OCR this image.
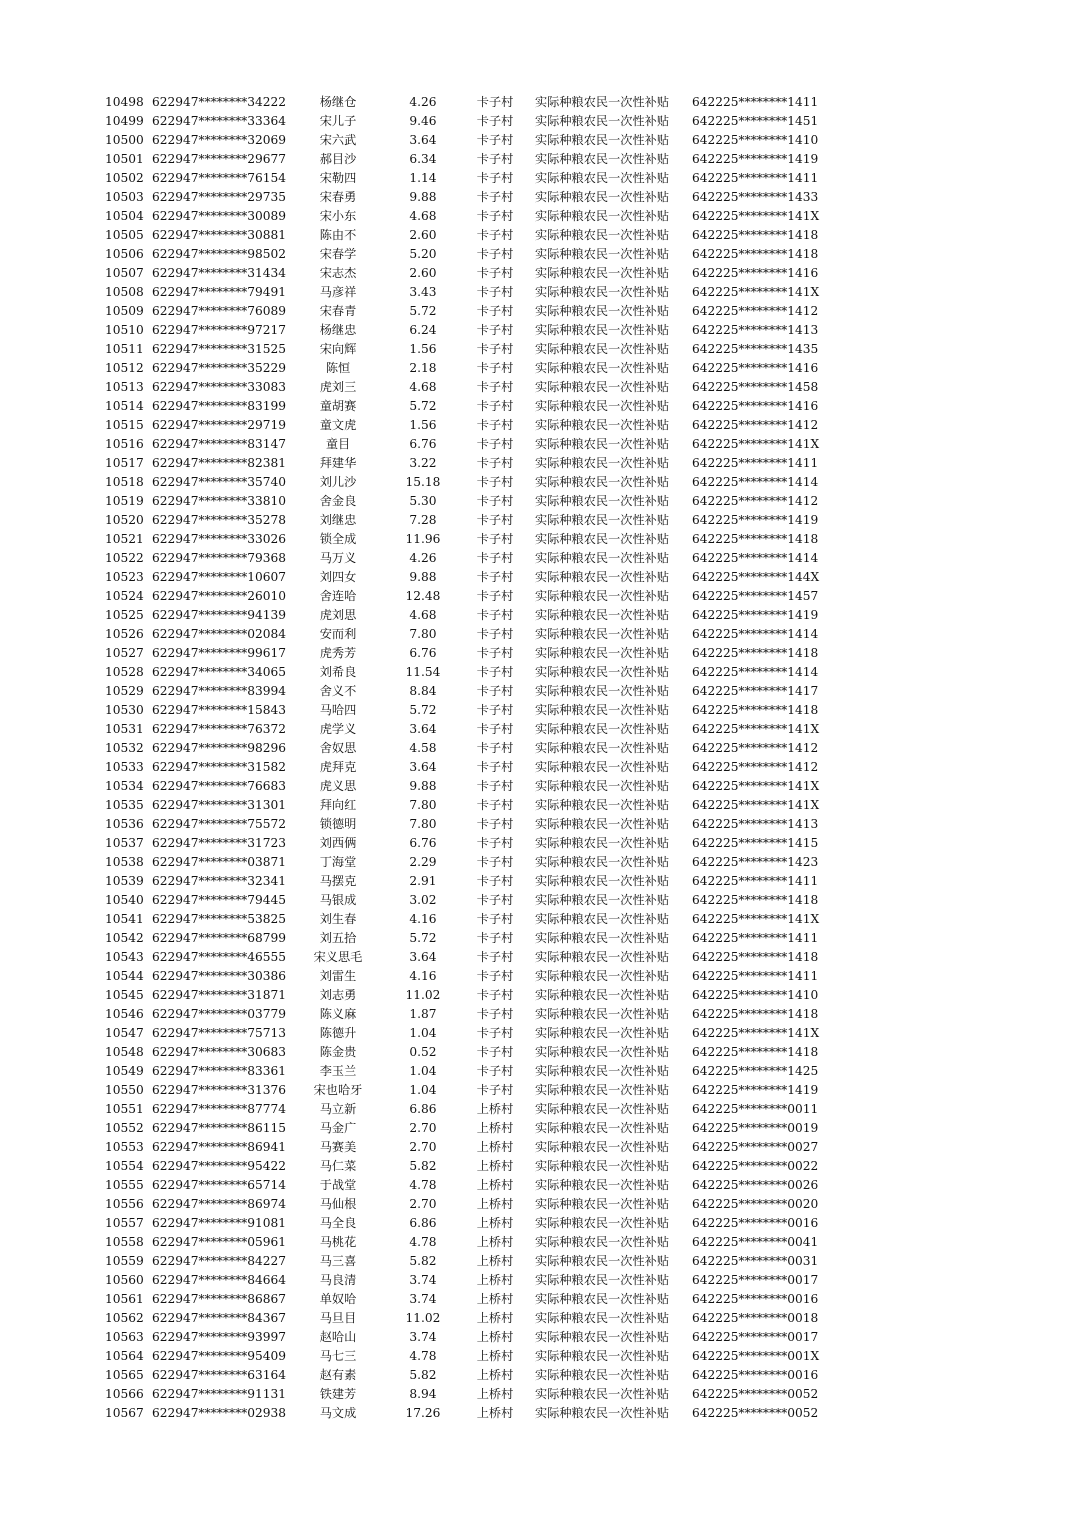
10498 622947********34222	杨继仓	4.26	卡子村	实际种粮农民一次性补贴 642225********1411
10499 622947********33364	宋儿子	9.46	卡子村	实际种粮农民一次性补贴 642225********1451
10500 622947********32069	宋六武	3.64	卡子村	实际种粮农民一次性补贴 642225********1410
10501 622947********29677	郝目沙	6.34	卡子村	实际种粮农民一次性补贴 642225********1419
10502 622947********76154	宋勒四	1.14	卡子村	实际种粮农民一次性补贴 642225********1411
10503 622947********29735	宋春勇	9.88	卡子村	实际种粮农民一次性补贴 642225********1433
10504 622947********30089	宋小东	4.68	卡子村	实际种粮农民一次性补贴 642225********141X
10505 622947********30881	陈由不	2.60	卡子村	实际种粮农民一次性补贴 642225********1418
10506 622947********98502	宋春学	5.20	卡子村	实际种粮农民一次性补贴 642225********1418
10507 622947********31434	宋志杰	2.60	卡子村	实际种粮农民一次性补贴 642225********1416
10508 622947********79491	马彦祥	3.43	卡子村	实际种粮农民一次性补贴 642225********141X
10509 622947********76089	宋春青	5.72	卡子村	实际种粮农民一次性补贴 642225********1412
10510 622947********97217	杨继忠	6.24	卡子村	实际种粮农民一次性补贴 642225********1413
10511 622947********31525	宋向辉	1.56	卡子村	实际种粮农民一次性补贴 642225********1435
10512 622947********35229	陈恒	2.18	卡子村	实际种粮农民一次性补贴 642225********1416
10513 622947********33083	虎刘三	4.68	卡子村	实际种粮农民一次性补贴 642225********1458
10514 622947********83199	童胡赛	5.72	卡子村	实际种粮农民一次性补贴 642225********1416
10515 622947********29719	童文虎	1.56	卡子村	实际种粮农民一次性补贴 642225********1412
10516 622947********83147	童目	6.76	卡子村	实际种粮农民一次性补贴 642225********141X
10517 622947********82381	拜建华	3.22	卡子村	实际种粮农民一次性补贴 642225********1411
10518 622947********35740	刘儿沙	15.18	卡子村	实际种粮农民一次性补贴 642225********1414
10519 622947********33810	舍金良	5.30	卡子村	实际种粮农民一次性补贴 642225********1412
10520 622947********35278	刘继忠	7.28	卡子村	实际种粮农民一次性补贴 642225********1419
10521 622947********33026	锁全成	11.96	卡子村	实际种粮农民一次性补贴 642225********1418
10522 622947********79368	马万义	4.26	卡子村	实际种粮农民一次性补贴 642225********1414
10523 622947********10607	刘四女	9.88	卡子村	实际种粮农民一次性补贴 642225********144X
10524 622947********26010	舍连哈	12.48	卡子村	实际种粮农民一次性补贴 642225********1457
10525 622947********94139	虎刘思	4.68	卡子村	实际种粮农民一次性补贴 642225********1419
10526 622947********02084	安而利	7.80	卡子村	实际种粮农民一次性补贴 642225********1414
10527 622947********99617	虎秀芳	6.76	卡子村	实际种粮农民一次性补贴 642225********1418
10528 622947********34065	刘希良	11.54	卡子村	实际种粮农民一次性补贴 642225********1414
10529 622947********83994	舍义不	8.84	卡子村	实际种粮农民一次性补贴 642225********1417
10530 622947********15843	马哈四	5.72	卡子村	实际种粮农民一次性补贴 642225********1418
10531 622947********76372	虎学义	3.64	卡子村	实际种粮农民一次性补贴 642225********141X
10532 622947********98296	舍奴思	4.58	卡子村	实际种粮农民一次性补贴 642225********1412
10533 622947********31582	虎拜克	3.64	卡子村	实际种粮农民一次性补贴 642225********1412
10534 622947********76683	虎义思	9.88	卡子村	实际种粮农民一次性补贴 642225********141X
10535 622947********31301	拜向红	7.80	卡子村	实际种粮农民一次性补贴 642225********141X
10536 622947********75572	锁德明	7.80	卡子村	实际种粮农民一次性补贴 642225********1413
10537 622947********31723	刘西俩	6.76	卡子村	实际种粮农民一次性补贴 642225********1415
10538 622947********03871	丁海堂	2.29	卡子村	实际种粮农民一次性补贴 642225********1423
10539 622947********32341	马摆克	2.91	卡子村	实际种粮农民一次性补贴 642225********1411
10540 622947********79445	马银成	3.02	卡子村	实际种粮农民一次性补贴 642225********1418
10541 622947********53825	刘生春	4.16	卡子村	实际种粮农民一次性补贴 642225********141X
10542 622947********68799	刘五拾	5.72	卡子村	实际种粮农民一次性补贴 642225********1411
10543 622947********46555 宋义思毛	3.64	卡子村	实际种粮农民一次性补贴 642225********1418
10544 622947********30386	刘雷生	4.16	卡子村	实际种粮农民一次性补贴 642225********1411
10545 622947********31871	刘志勇	11.02	卡子村	实际种粮农民一次性补贴 642225********1410
10546 622947********03779	陈义麻	1.87	卡子村	实际种粮农民一次性补贴 642225********1418
10547 622947********75713	陈德升	1.04	卡子村	实际种粮农民一次性补贴 642225********141X
10548 622947********30683	陈金贵	0.52	卡子村	实际种粮农民一次性补贴 642225********1418
10549 622947********83361	李玉兰	1.04	卡子村	实际种粮农民一次性补贴 642225********1425
10550 622947********31376 宋也哈牙	1.04	卡子村	实际种粮农民一次性补贴 642225********1419
10551 622947********87774	马立新	6.86	上桥村	实际种粮农民一次性补贴 642225********0011
10552 622947********86115	马金广	2.70	上桥村	实际种粮农民一次性补贴 642225********0019
10553 622947********86941	马赛美	2.70	上桥村	实际种粮农民一次性补贴 642225********0027
10554 622947********95422	马仁菜	5.82	上桥村	实际种粮农民一次性补贴 642225********0022
10555 622947********65714	于战堂	4.78	上桥村	实际种粮农民一次性补贴 642225********0026
10556 622947********86974	马仙根	2.70	上桥村	实际种粮农民一次性补贴 642225********0020
10557 622947********91081	马全良	6.86	上桥村	实际种粮农民一次性补贴 642225********0016
10558 622947********05961	马桃花	4.78	上桥村	实际种粮农民一次性补贴 642225********0041
10559 622947********84227	马三喜	5.82	上桥村	实际种粮农民一次性补贴 642225********0031
10560 622947********84664	马良清	3.74	上桥村	实际种粮农民一次性补贴 642225********0017
10561 622947********86867	单奴哈	3.74	上桥村	实际种粮农民一次性补贴 642225********0016
10562 622947********84367	马旦目	11.02	上桥村	实际种粮农民一次性补贴 642225********0018
10563 622947********93997	赵哈山	3.74	上桥村	实际种粮农民一次性补贴 642225********0017
10564 622947********95409	马七三	4.78	上桥村	实际种粮农民一次性补贴 642225********001X
10565 622947********63164	赵有素	5.82	上桥村	实际种粮农民一次性补贴 642225********0016
10566 622947********91131	铁建芳	8.94	上桥村	实际种粮农民一次性补贴 642225********0052
10567 622947********02938	马文成	17.26	上桥村	实际种粮农民一次性补贴 642225********0052
